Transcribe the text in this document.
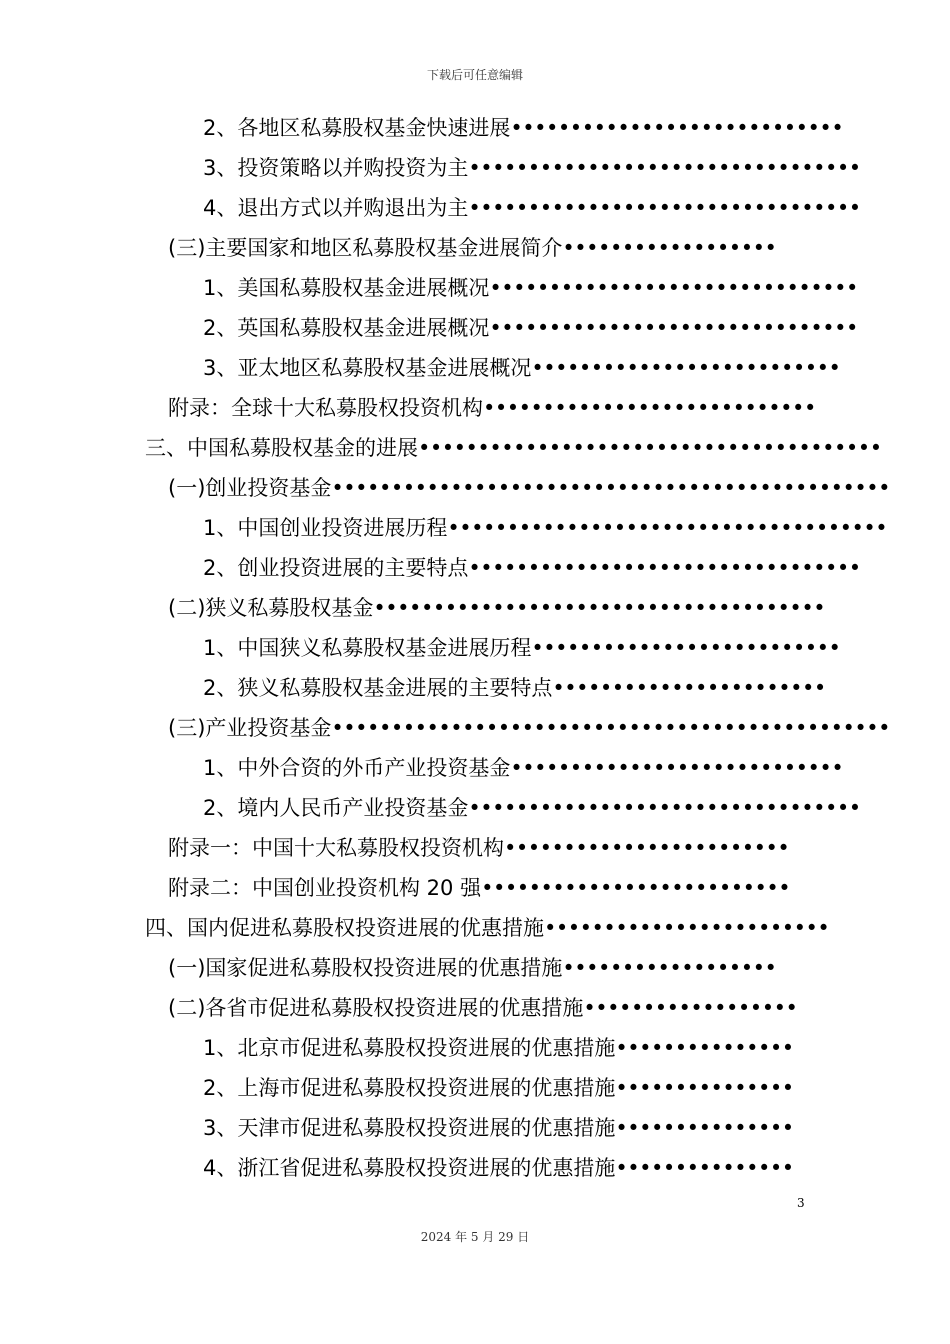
下载后可任意编辑
2、各地区私募股权基金快速进展••••••••••••••••••••••••••••
3、投资策略以并购投资为主•••••••••••••••••••••••••••••••••
4、退出方式以并购退出为主•••••••••••••••••••••••••••••••••
(三)主要国家和地区私募股权基金进展简介••••••••••••••••••
1、美国私募股权基金进展概况•••••••••••••••••••••••••••••••
2、英国私募股权基金进展概况•••••••••••••••••••••••••••••••
3、亚太地区私募股权基金进展概况••••••••••••••••••••••••••
附录：全球十大私募股权投资机构••••••••••••••••••••••••••••
三、中国私募股权基金的进展•••••••••••••••••••••••••••••••••••••••
(一)创业投资基金•••••••••••••••••••••••••••••••••••••••••••••••
1、中国创业投资进展历程•••••••••••••••••••••••••••••••••••••
2、创业投资进展的主要特点•••••••••••••••••••••••••••••••••
(二)狭义私募股权基金••••••••••••••••••••••••••••••••••••••
1、中国狭义私募股权基金进展历程••••••••••••••••••••••••••
2、狭义私募股权基金进展的主要特点•••••••••••••••••••••••
(三)产业投资基金•••••••••••••••••••••••••••••••••••••••••••••••
1、中外合资的外币产业投资基金••••••••••••••••••••••••••••
2、境内人民币产业投资基金•••••••••••••••••••••••••••••••••
附录一：中国十大私募股权投资机构••••••••••••••••••••••••
附录二：中国创业投资机构 20 强••••••••••••••••••••••••••
四、国内促进私募股权投资进展的优惠措施••••••••••••••••••••••••
(一)国家促进私募股权投资进展的优惠措施••••••••••••••••••
(二)各省市促进私募股权投资进展的优惠措施••••••••••••••••••
1、北京市促进私募股权投资进展的优惠措施•••••••••••••••
2、上海市促进私募股权投资进展的优惠措施•••••••••••••••
3、天津市促进私募股权投资进展的优惠措施•••••••••••••••
4、浙江省促进私募股权投资进展的优惠措施•••••••••••••••
3
2024 年 5 月 29 日
